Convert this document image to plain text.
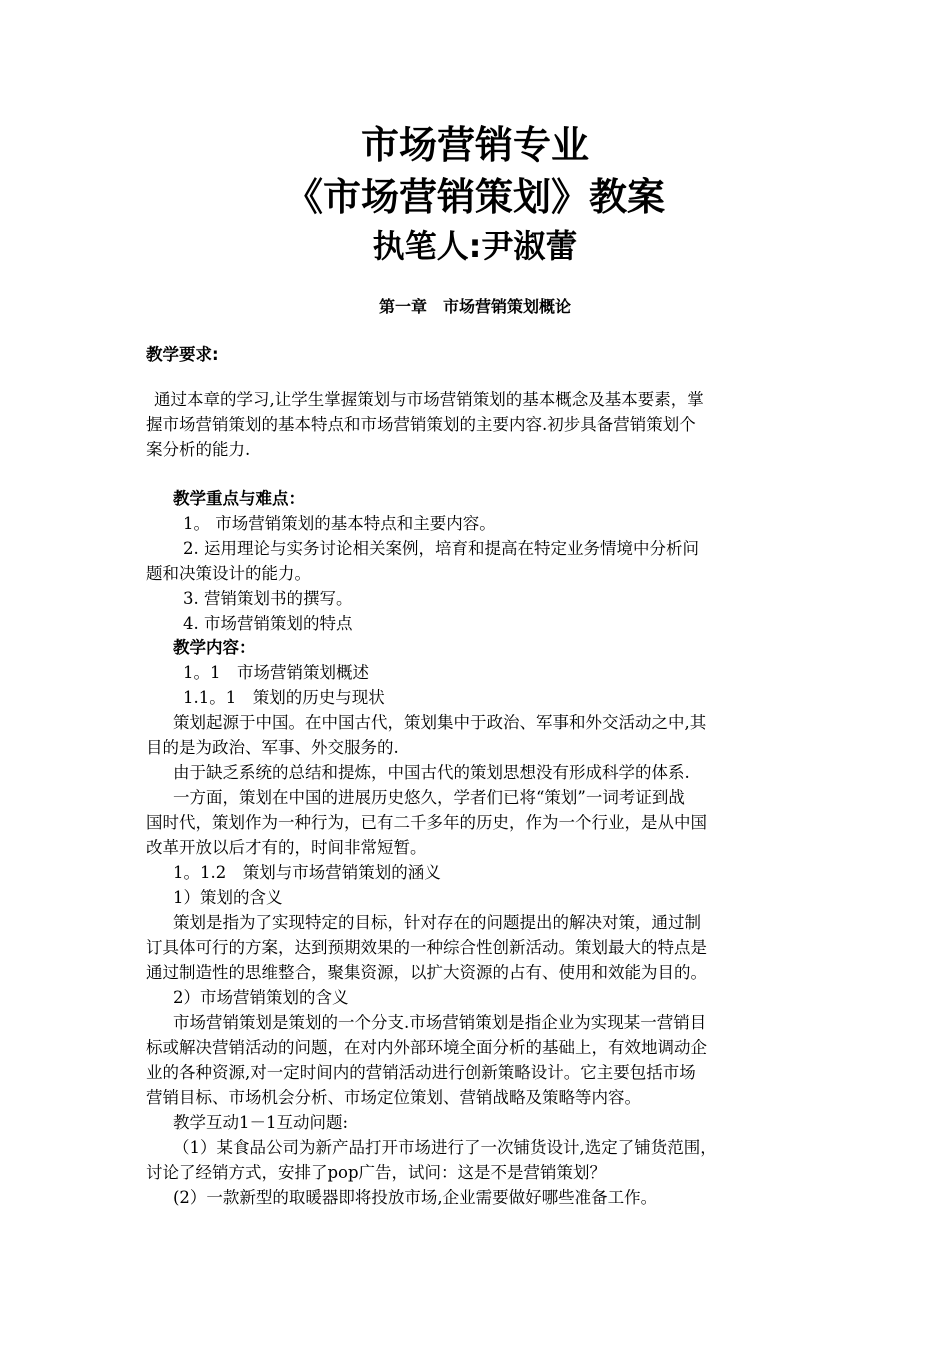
市场营销专业
《市场营销策划》教案
执笔人:尹淑蕾
第一章　市场营销策划概论
教学要求:
通过本章的学习,让学生掌握策划与市场营销策划的基本概念及基本要素，掌
握市场营销策划的基本特点和市场营销策划的主要内容.初步具备营销策划个
案分析的能力.
教学重点与难点：
1。 市场营销策划的基本特点和主要内容。
2. 运用理论与实务讨论相关案例，培育和提高在特定业务情境中分析问
题和决策设计的能力。
3. 营销策划书的撰写。
4. 市场营销策划的特点
教学内容：
1。1　市场营销策划概述
1.1。1　策划的历史与现状
策划起源于中国。在中国古代，策划集中于政治、军事和外交活动之中,其
目的是为政治、军事、外交服务的.
由于缺乏系统的总结和提炼，中国古代的策划思想没有形成科学的体系.
一方面，策划在中国的进展历史悠久，学者们已将“策划”一词考证到战
国时代，策划作为一种行为，已有二千多年的历史，作为一个行业，是从中国
改革开放以后才有的，时间非常短暂。
1。1.2　策划与市场营销策划的涵义
1）策划的含义
策划是指为了实现特定的目标，针对存在的问题提出的解决对策，通过制
订具体可行的方案，达到预期效果的一种综合性创新活动。策划最大的特点是
通过制造性的思维整合，聚集资源，以扩大资源的占有、使用和效能为目的。
2）市场营销策划的含义
市场营销策划是策划的一个分支.市场营销策划是指企业为实现某一营销目
标或解决营销活动的问题，在对内外部环境全面分析的基础上，有效地调动企
业的各种资源,对一定时间内的营销活动进行创新策略设计。它主要包括市场
营销目标、市场机会分析、市场定位策划、营销战略及策略等内容。
教学互动1－1互动问题:
（1）某食品公司为新产品打开市场进行了一次铺货设计,选定了铺货范围，
讨论了经销方式，安排了pop广告，试问：这是不是营销策划？
(2）一款新型的取暖器即将投放市场,企业需要做好哪些准备工作。
